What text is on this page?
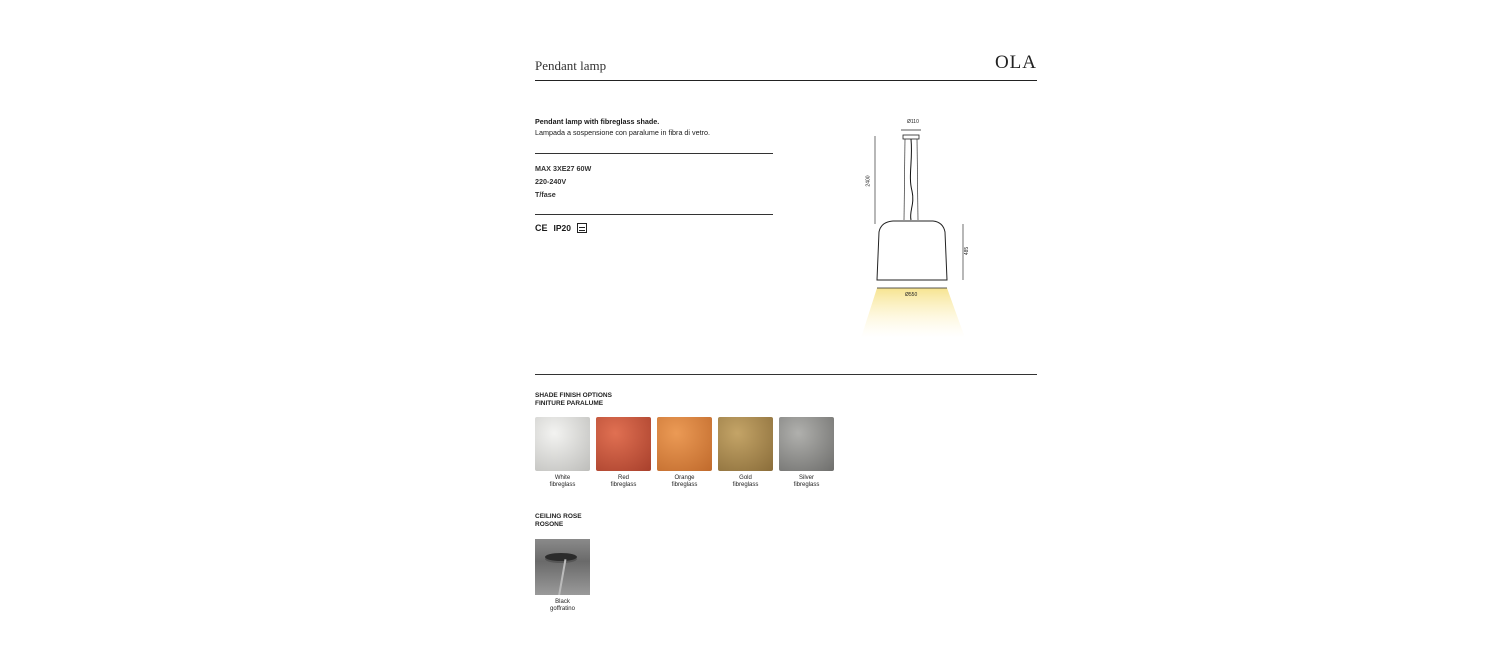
Pendant lamp	OLA
Pendant lamp with fibreglass shade.
Lampada a sospensione con paralume in fibra di vetro.
MAX 3XE27 60W
220-240V
T/fase
CE IP20
Ø110
2400
485
Ø550
SHADE FINISH OPTIONS
FINITURE PARALUME
White
fibreglass
Red
fibreglass
Orange
fibreglass
Gold
fibreglass
Silver
fibreglass
CEILING ROSE
ROSONE
Black
goffratino
